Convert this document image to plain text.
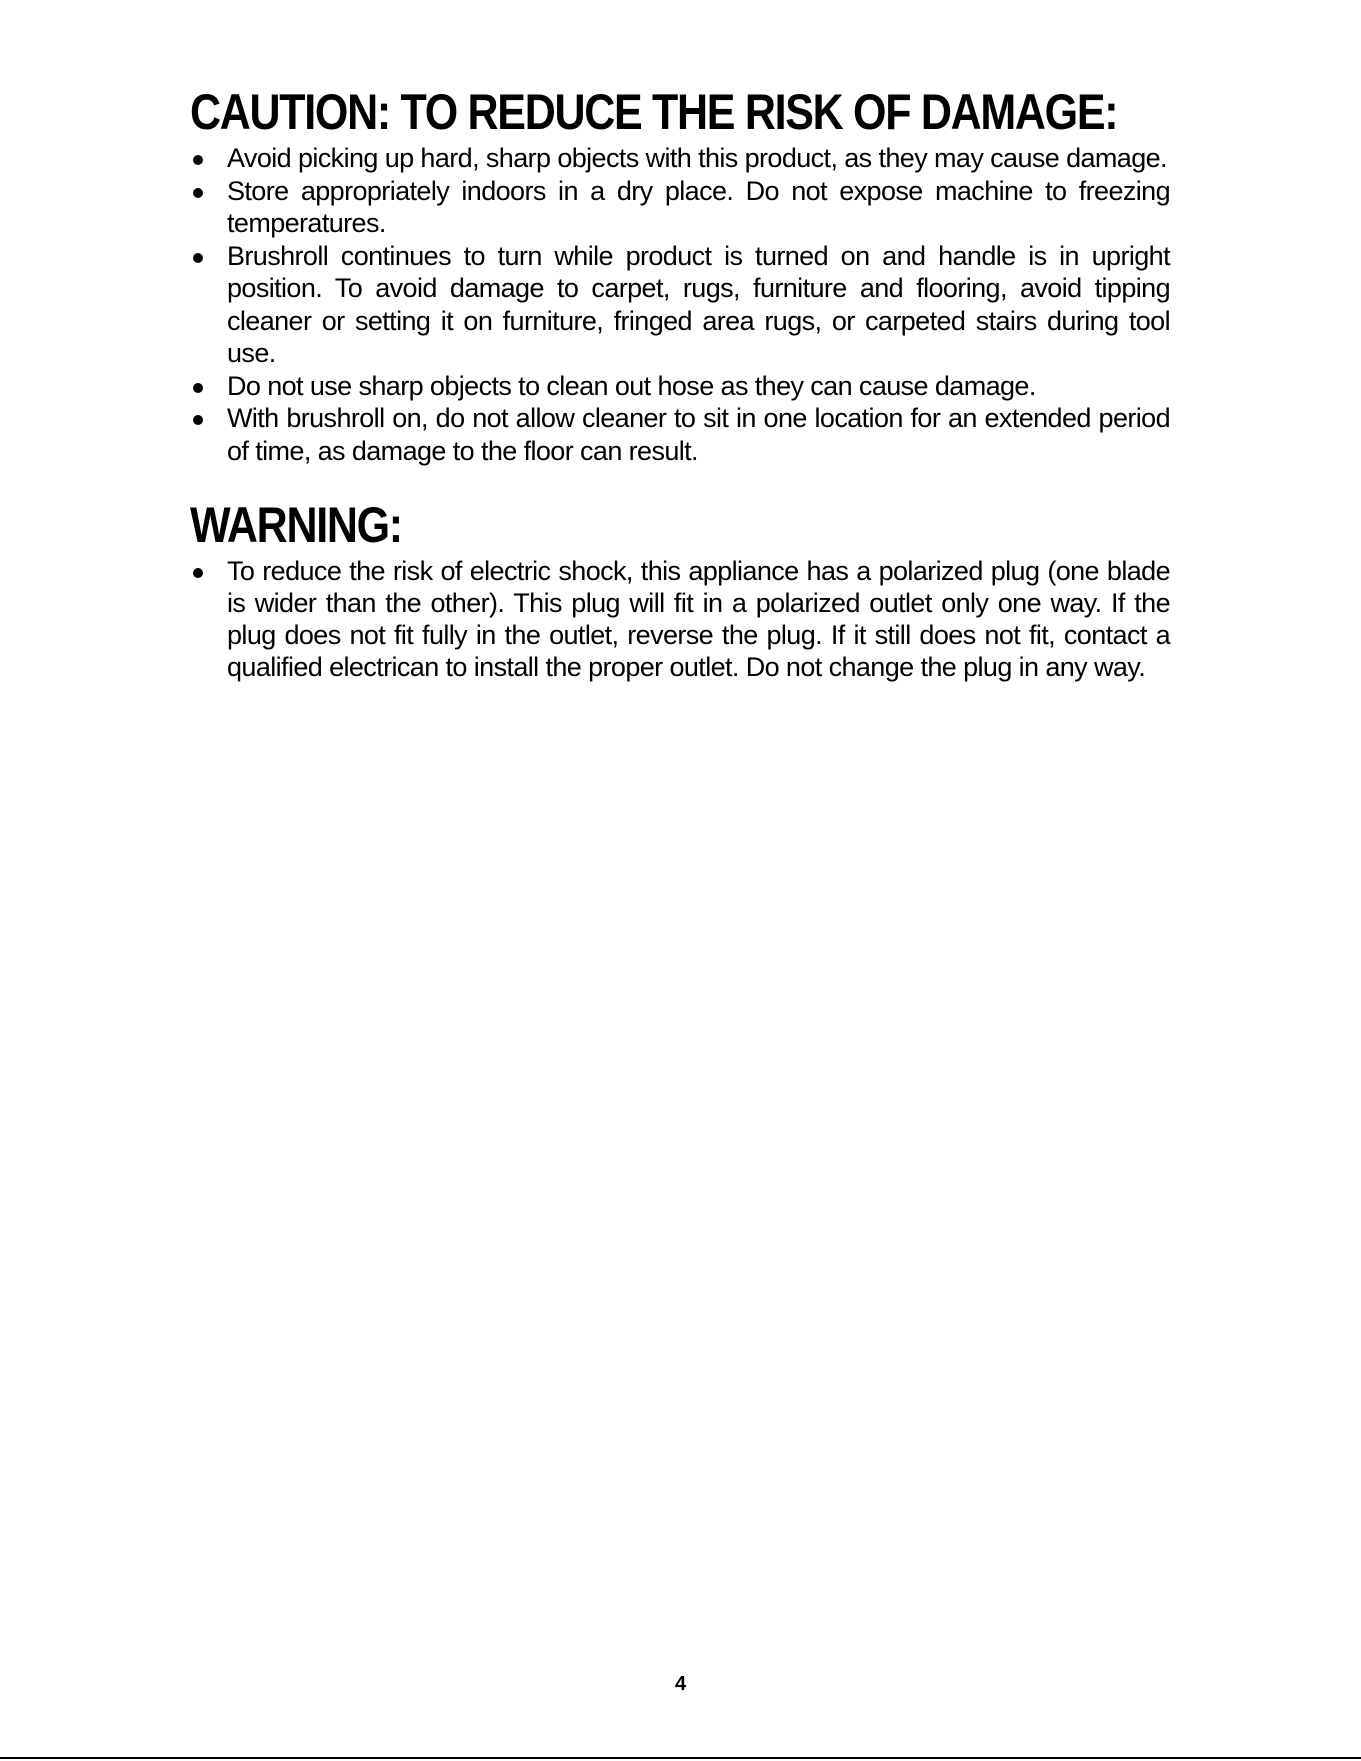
CAUTION: TO REDUCE THE RISK OF DAMAGE:
Avoid picking up hard, sharp objects with this product, as they may cause damage.
Store appropriately indoors in a dry place. Do not expose machine to freezing temperatures.
Brushroll continues to turn while product is turned on and handle is in upright position. To avoid damage to carpet, rugs, furniture and flooring, avoid tipping cleaner or setting it on furniture, fringed area rugs, or carpeted stairs during tool use.
Do not use sharp objects to clean out hose as they can cause damage.
With brushroll on, do not allow cleaner to sit in one location for an extended period of time, as damage to the floor can result.
WARNING:
To reduce the risk of electric shock, this appliance has a polarized plug (one blade is wider than the other). This plug will fit in a polarized outlet only one way. If the plug does not fit fully in the outlet, reverse the plug. If it still does not fit, contact a qualified electrican to install the proper outlet. Do not change the plug in any way.
4
